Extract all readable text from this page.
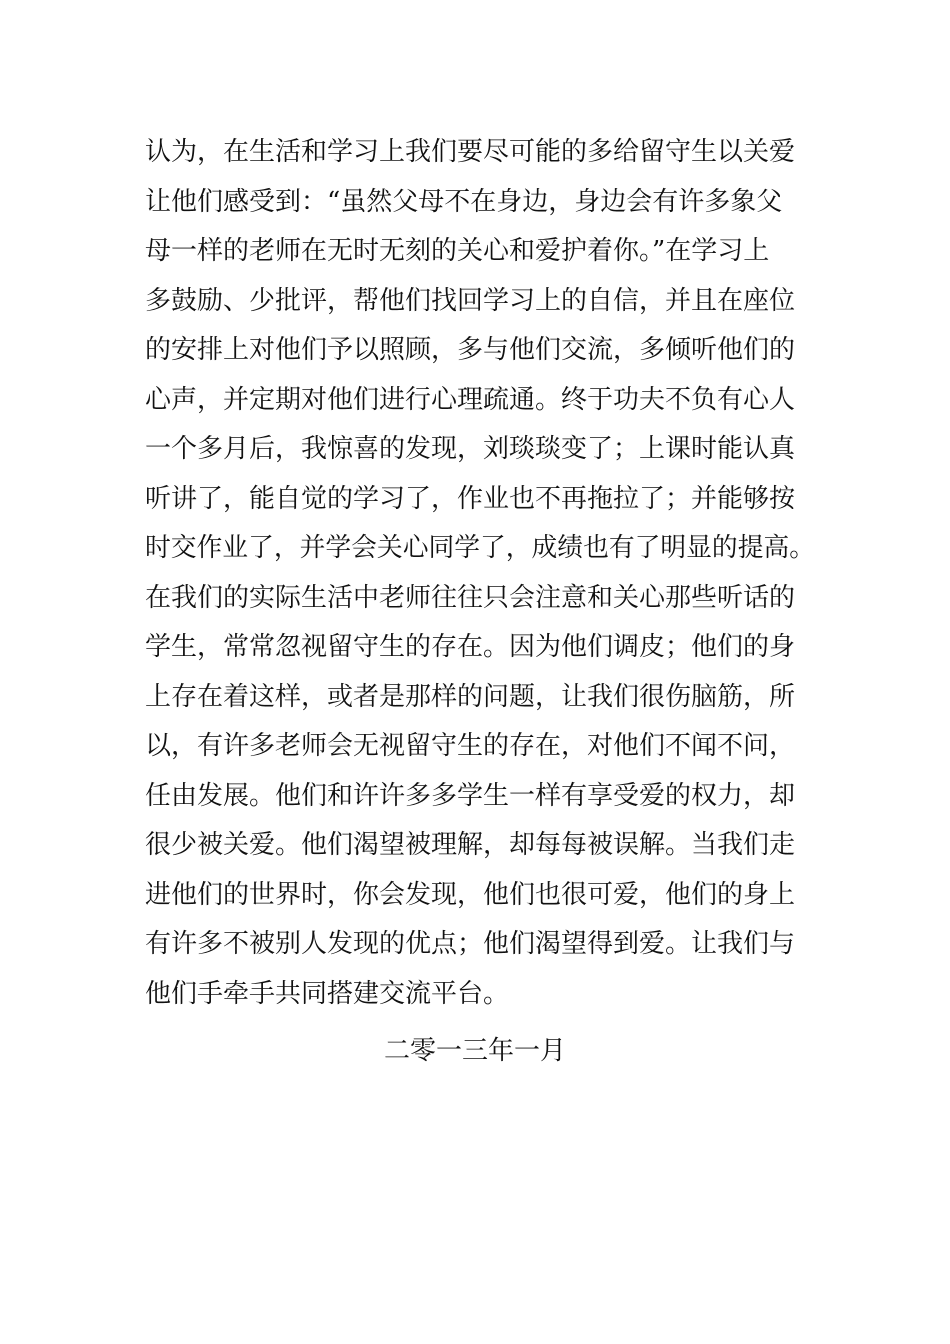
认为，在生活和学习上我们要尽可能的多给留守生以关爱
让他们感受到：“虽然父母不在身边，身边会有许多象父
母一样的老师在无时无刻的关心和爱护着你。”在学习上
多鼓励、少批评，帮他们找回学习上的自信，并且在座位
的安排上对他们予以照顾，多与他们交流，多倾听他们的
心声，并定期对他们进行心理疏通。终于功夫不负有心人
一个多月后，我惊喜的发现，刘琰琰变了；上课时能认真
听讲了，能自觉的学习了，作业也不再拖拉了；并能够按
时交作业了，并学会关心同学了，成绩也有了明显的提高。
在我们的实际生活中老师往往只会注意和关心那些听话的
学生，常常忽视留守生的存在。因为他们调皮；他们的身
上存在着这样，或者是那样的问题，让我们很伤脑筋，所
以，有许多老师会无视留守生的存在，对他们不闻不问，
任由发展。他们和许许多多学生一样有享受爱的权力，却
很少被关爱。他们渴望被理解，却每每被误解。当我们走
进他们的世界时，你会发现，他们也很可爱，他们的身上
有许多不被别人发现的优点；他们渴望得到爱。让我们与
他们手牵手共同搭建交流平台。
二零一三年一月
